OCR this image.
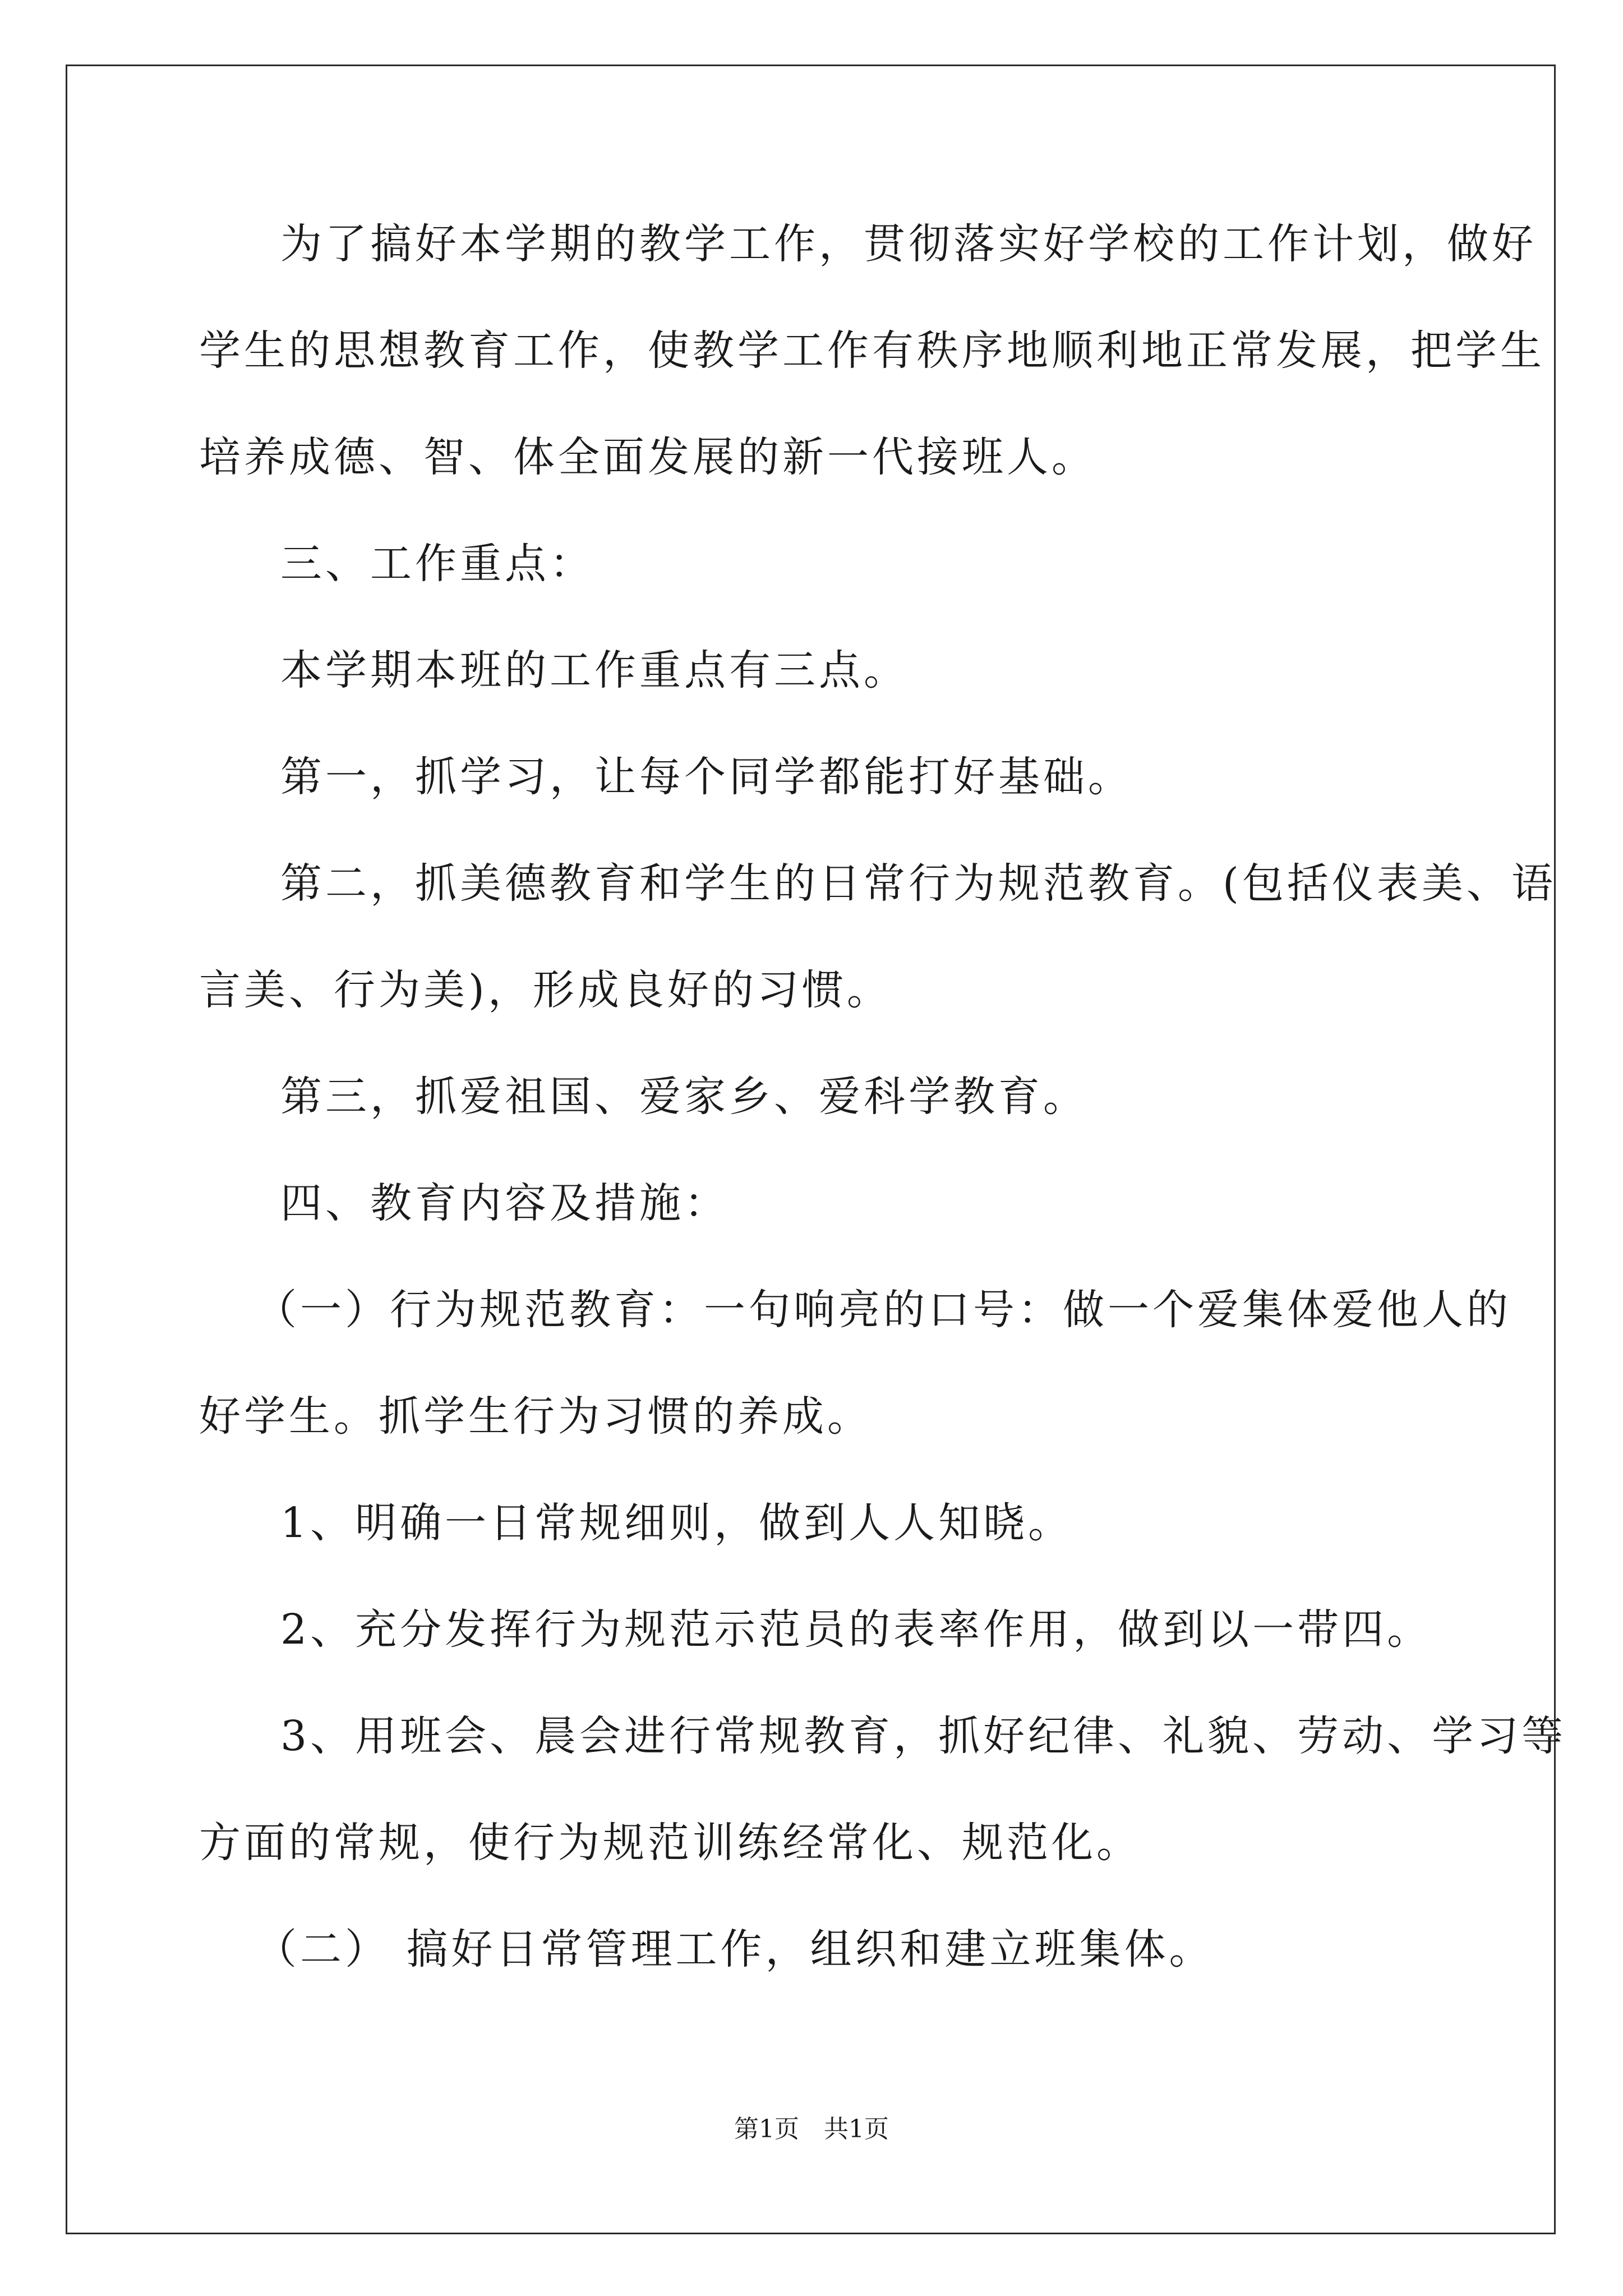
为了搞好本学期的教学工作，贯彻落实好学校的工作计划，做好
学生的思想教育工作，使教学工作有秩序地顺利地正常发展，把学生
培养成德、智、体全面发展的新一代接班人。
三、工作重点：
本学期本班的工作重点有三点。
第一，抓学习，让每个同学都能打好基础。
第二，抓美德教育和学生的日常行为规范教育。(包括仪表美、语
言美、行为美)，形成良好的习惯。
第三，抓爱祖国、爱家乡、爱科学教育。
四、教育内容及措施：
（一）行为规范教育：一句响亮的口号：做一个爱集体爱他人的
好学生。抓学生行为习惯的养成。
1、明确一日常规细则，做到人人知晓。
2、充分发挥行为规范示范员的表率作用，做到以一带四。
3、用班会、晨会进行常规教育，抓好纪律、礼貌、劳动、学习等
方面的常规，使行为规范训练经常化、规范化。
（二） 搞好日常管理工作，组织和建立班集体。
第1页　共1页
